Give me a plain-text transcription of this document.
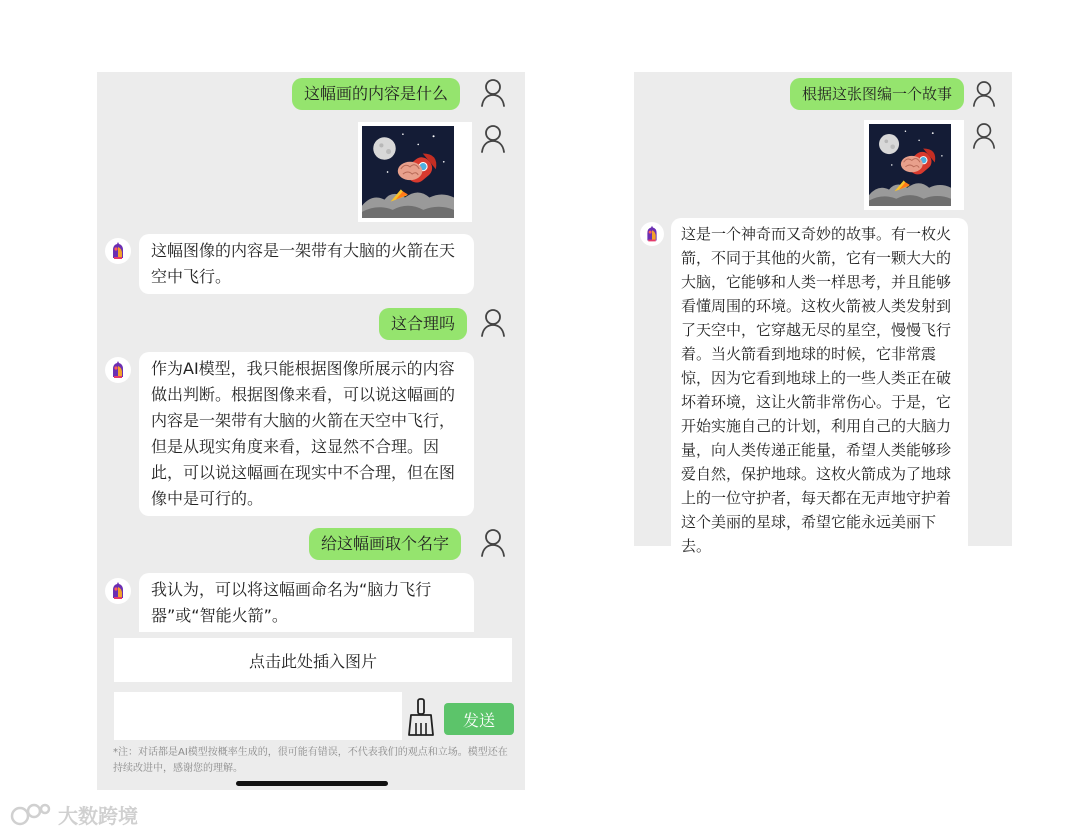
这幅画的内容是什么
这幅图像的内容是一架带有大脑的火箭在天空中飞行。
这合理吗
作为AI模型，我只能根据图像所展示的内容做出判断。根据图像来看，可以说这幅画的内容是一架带有大脑的火箭在天空中飞行，但是从现实角度来看，这显然不合理。因此，可以说这幅画在现实中不合理，但在图像中是可行的。
给这幅画取个名字
我认为，可以将这幅画命名为“脑力飞行器”或“智能火箭”。
点击此处插入图片
发送
*注：对话都是AI模型按概率生成的，很可能有错误，不代表我们的观点和立场。模型还在持续改进中，感谢您的理解。
根据这张图编一个故事
这是一个神奇而又奇妙的故事。有一枚火箭，不同于其他的火箭，它有一颗大大的大脑，它能够和人类一样思考，并且能够看懂周围的环境。这枚火箭被人类发射到了天空中，它穿越无尽的星空，慢慢飞行着。当火箭看到地球的时候，它非常震惊，因为它看到地球上的一些人类正在破坏着环境，这让火箭非常伤心。于是，它开始实施自己的计划，利用自己的大脑力量，向人类传递正能量，希望人类能够珍爱自然，保护地球。这枚火箭成为了地球上的一位守护者，每天都在无声地守护着这个美丽的星球，希望它能永远美丽下去。
大数跨境
